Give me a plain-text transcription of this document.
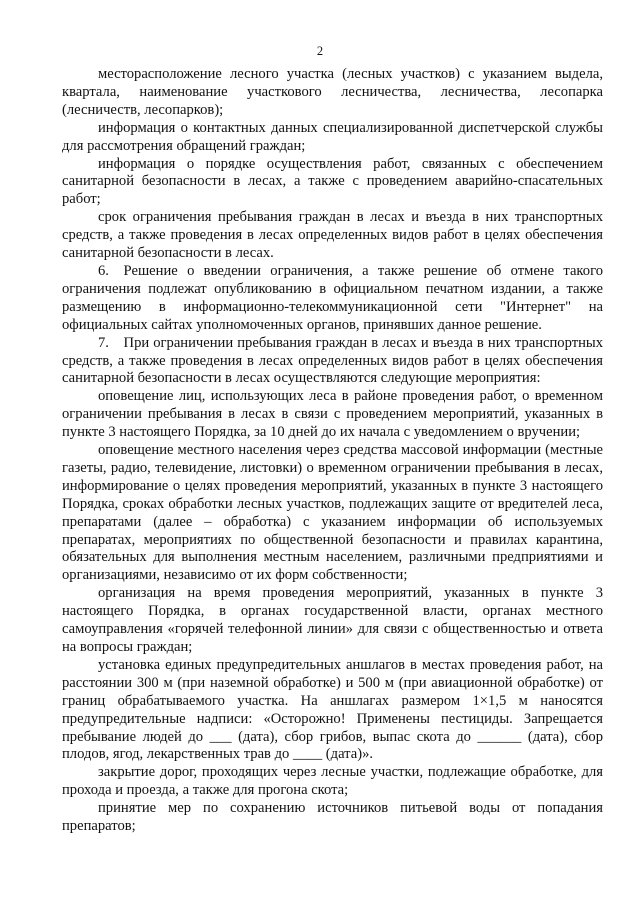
2

месторасположение лесного участка (лесных участков) с указанием выдела, квартала, наименование участкового лесничества, лесничества, лесопарка (лесничеств, лесопарков);

информация о контактных данных специализированной диспетчерской службы для рассмотрения обращений граждан;

информация о порядке осуществления работ, связанных с обеспечением санитарной безопасности в лесах, а также с проведением аварийно-спасательных работ;

срок ограничения пребывания граждан в лесах и въезда в них транспортных средств, а также проведения в лесах определенных видов работ в целях обеспечения санитарной безопасности в лесах.

6. Решение о введении ограничения, а также решение об отмене такого ограничения подлежат опубликованию в официальном печатном издании, а также размещению в информационно-телекоммуникационной сети "Интернет" на официальных сайтах уполномоченных органов, принявших данное решение.

7. При ограничении пребывания граждан в лесах и въезда в них транспортных средств, а также проведения в лесах определенных видов работ в целях обеспечения санитарной безопасности в лесах осуществляются следующие мероприятия:

оповещение лиц, использующих леса в районе проведения работ, о временном ограничении пребывания в лесах в связи с проведением мероприятий, указанных в пункте 3 настоящего Порядка, за 10 дней до их начала с уведомлением о вручении;

оповещение местного населения через средства массовой информации (местные газеты, радио, телевидение, листовки) о временном ограничении пребывания в лесах, информирование о целях проведения мероприятий, указанных в пункте 3 настоящего Порядка, сроках обработки лесных участков, подлежащих защите от вредителей леса, препаратами (далее – обработка) с указанием информации об используемых препаратах, мероприятиях по общественной безопасности и правилах карантина, обязательных для выполнения местным населением, различными предприятиями и организациями, независимо от их форм собственности;

организация на время проведения мероприятий, указанных в пункте 3 настоящего Порядка, в органах государственной власти, органах местного самоуправления «горячей телефонной линии» для связи с общественностью и ответа на вопросы граждан;

установка единых предупредительных аншлагов в местах проведения работ, на расстоянии 300 м (при наземной обработке) и 500 м (при авиационной обработке) от границ обрабатываемого участка. На аншлагах размером 1×1,5 м наносятся предупредительные надписи: «Осторожно! Применены пестициды. Запрещается пребывание людей до ___ (дата), сбор грибов, выпас скота до ______ (дата), сбор плодов, ягод, лекарственных трав до ____ (дата)».

закрытие дорог, проходящих через лесные участки, подлежащие обработке, для прохода и проезда, а также для прогона скота;

принятие мер по сохранению источников питьевой воды от попадания препаратов;
